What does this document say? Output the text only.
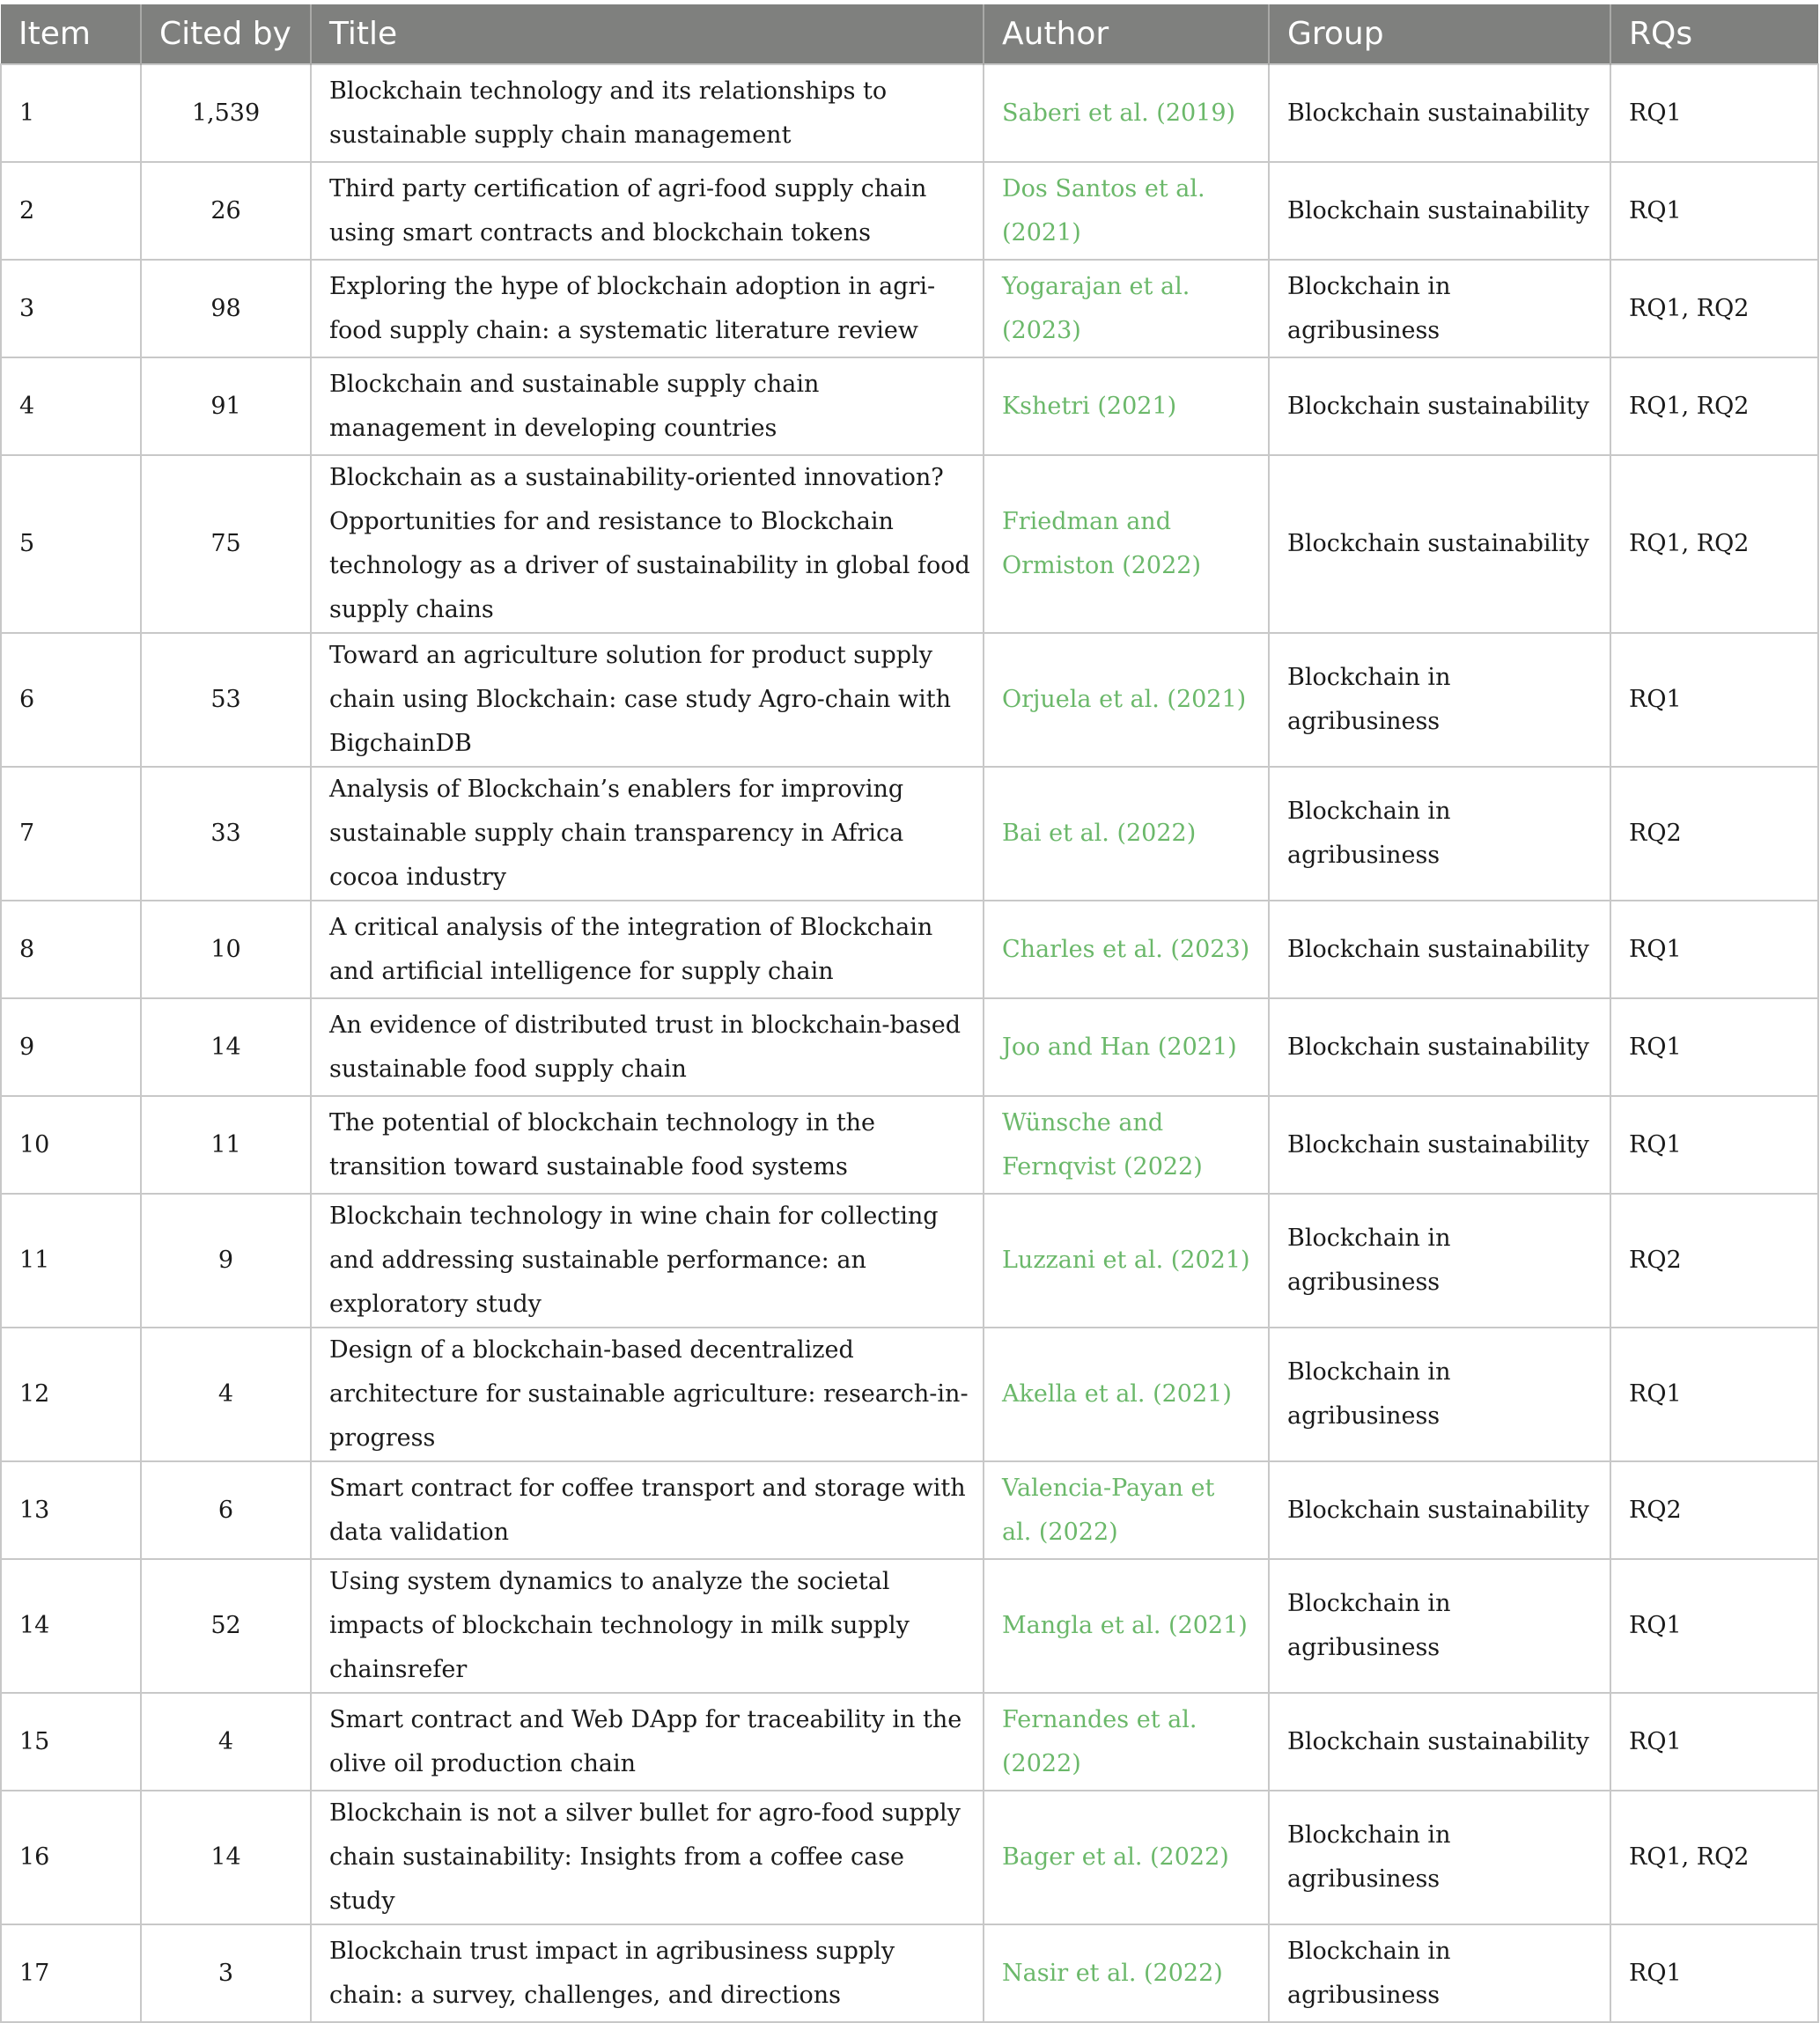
Item	Cited by	Title	Author	Group	RQs
1	1,539	Blockchain technology and its relationships to sustainable supply chain management	Saberi et al. (2019)	Blockchain sustainability	RQ1
2	26	Third party certification of agri-food supply chain using smart contracts and blockchain tokens	Dos Santos et al. (2021)	Blockchain sustainability	RQ1
3	98	Exploring the hype of blockchain adoption in agri-food supply chain: a systematic literature review	Yogarajan et al. (2023)	Blockchain in agribusiness	RQ1, RQ2
4	91	Blockchain and sustainable supply chain management in developing countries	Kshetri (2021)	Blockchain sustainability	RQ1, RQ2
5	75	Blockchain as a sustainability-oriented innovation? Opportunities for and resistance to Blockchain technology as a driver of sustainability in global food supply chains	Friedman and Ormiston (2022)	Blockchain sustainability	RQ1, RQ2
6	53	Toward an agriculture solution for product supply chain using Blockchain: case study Agro-chain with BigchainDB	Orjuela et al. (2021)	Blockchain in agribusiness	RQ1
7	33	Analysis of Blockchain’s enablers for improving sustainable supply chain transparency in Africa cocoa industry	Bai et al. (2022)	Blockchain in agribusiness	RQ2
8	10	A critical analysis of the integration of Blockchain and artificial intelligence for supply chain	Charles et al. (2023)	Blockchain sustainability	RQ1
9	14	An evidence of distributed trust in blockchain-based sustainable food supply chain	Joo and Han (2021)	Blockchain sustainability	RQ1
10	11	The potential of blockchain technology in the transition toward sustainable food systems	Wünsche and Fernqvist (2022)	Blockchain sustainability	RQ1
11	9	Blockchain technology in wine chain for collecting and addressing sustainable performance: an exploratory study	Luzzani et al. (2021)	Blockchain in agribusiness	RQ2
12	4	Design of a blockchain-based decentralized architecture for sustainable agriculture: research-in-progress	Akella et al. (2021)	Blockchain in agribusiness	RQ1
13	6	Smart contract for coffee transport and storage with data validation	Valencia-Payan et al. (2022)	Blockchain sustainability	RQ2
14	52	Using system dynamics to analyze the societal impacts of blockchain technology in milk supply chainsrefer	Mangla et al. (2021)	Blockchain in agribusiness	RQ1
15	4	Smart contract and Web DApp for traceability in the olive oil production chain	Fernandes et al. (2022)	Blockchain sustainability	RQ1
16	14	Blockchain is not a silver bullet for agro-food supply chain sustainability: Insights from a coffee case study	Bager et al. (2022)	Blockchain in agribusiness	RQ1, RQ2
17	3	Blockchain trust impact in agribusiness supply chain: a survey, challenges, and directions	Nasir et al. (2022)	Blockchain in agribusiness	RQ1
